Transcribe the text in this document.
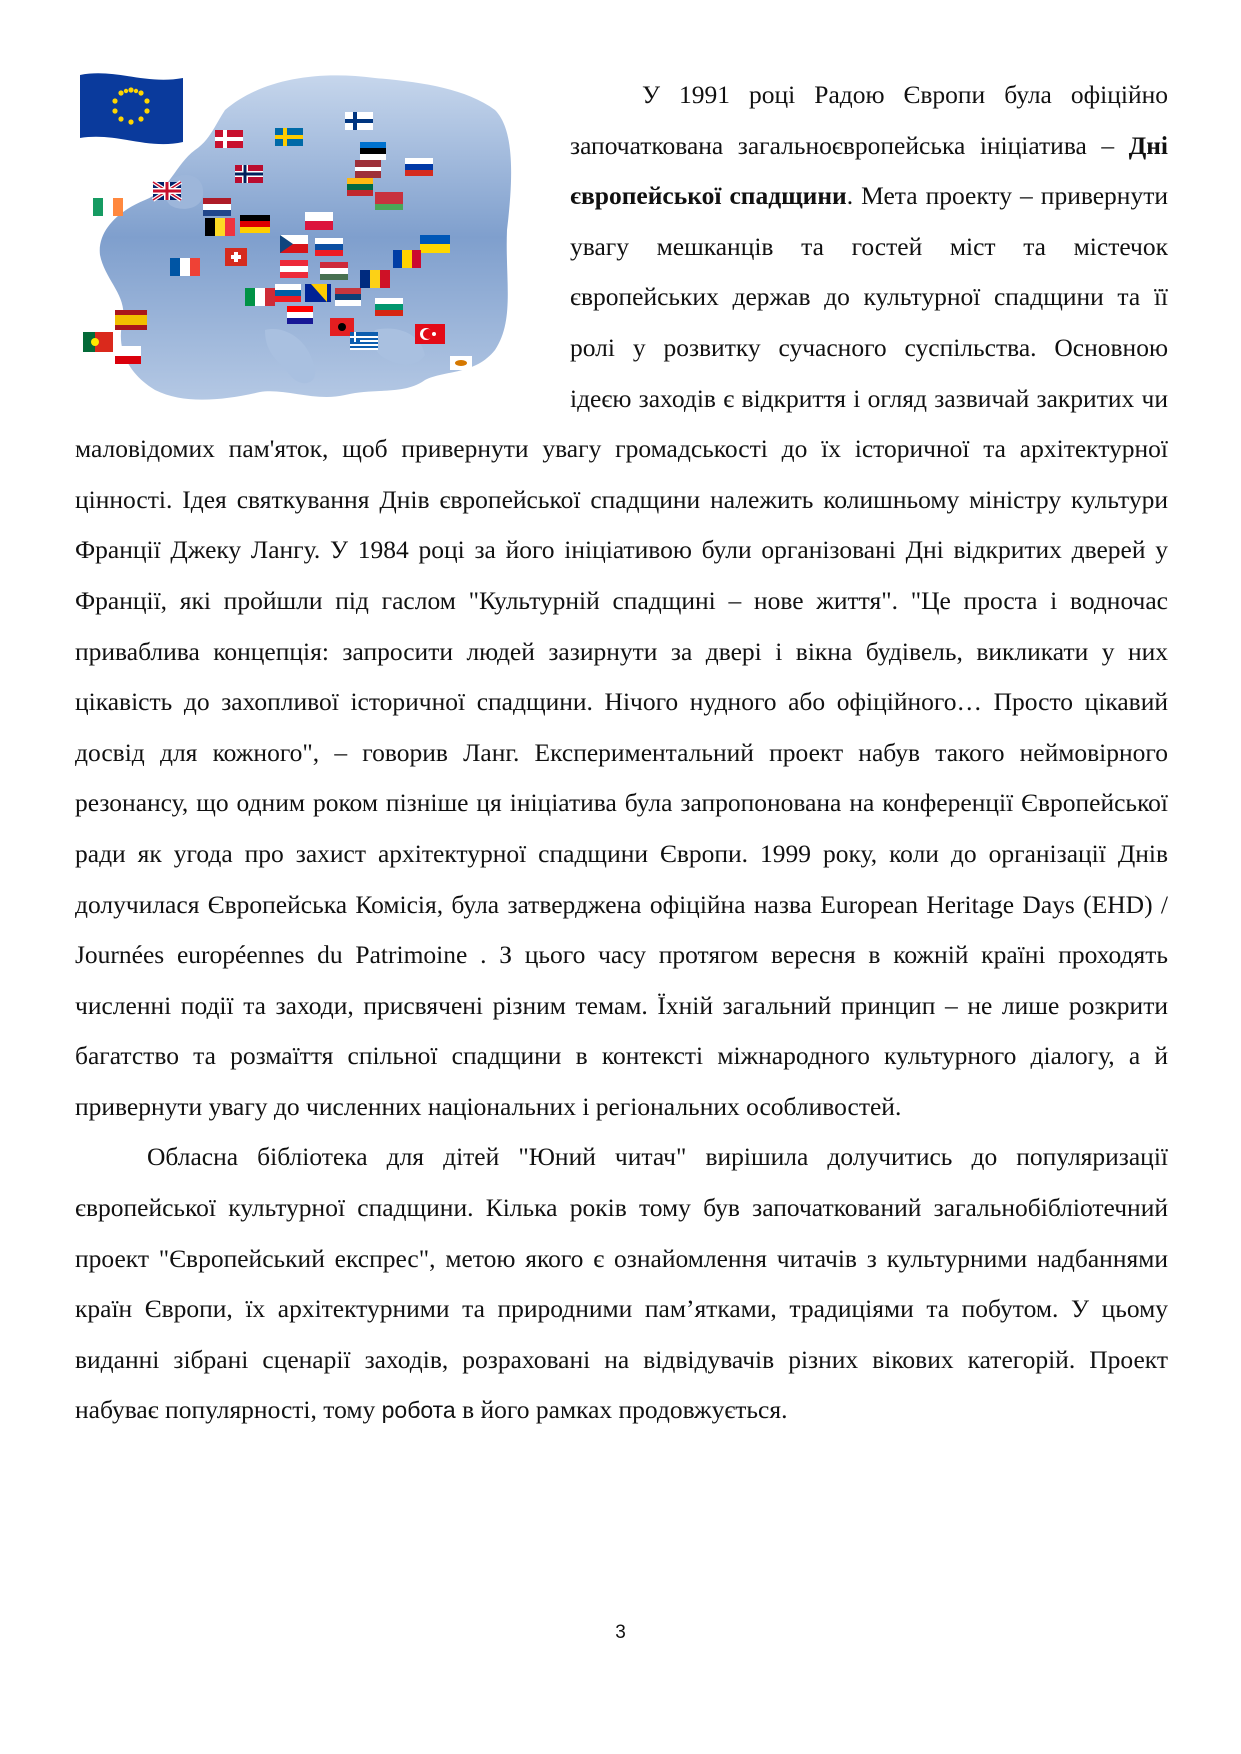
У 1991 році Радою Європи була офіційно започаткована загальноєвропейська ініціатива – Дні європейської спадщини. Мета проекту – привернути увагу мешканців та гостей міст та містечок європейських держав до культурної спадщини та її ролі у розвитку сучасного суспільства. Основною ідеєю заходів є відкриття і огляд зазвичай закритих чи маловідомих пам'яток, щоб привернути увагу громадськості до їх історичної та архітектурної цінності. Ідея святкування Днів європейської спадщини належить колишньому міністру культури Франції Джеку Лангу. У 1984 році за його ініціативою були організовані Дні відкритих дверей у Франції, які пройшли під гаслом "Культурній спадщині – нове життя". "Це проста і водночас приваблива концепція: запросити людей зазирнути за двері і вікна будівель, викликати у них цікавість до захопливої історичної спадщини. Нічого нудного або офіційного… Просто цікавий досвід для кожного", – говорив Ланг. Експериментальний проект набув такого неймовірного резонансу, що одним роком пізніше ця ініціатива була запропонована на конференції Європейської ради як угода про захист архітектурної спадщини Європи. 1999 року, коли до організації Днів долучилася Європейська Комісія, була затверджена офіційна назва European Heritage Days (EHD) / Journées européennes du Patrimoine . З цього часу протягом вересня в кожній країні проходять численні події та заходи, присвячені різним темам. Їхній загальний принцип – не лише розкрити багатство та розмаїття спільної спадщини в контексті міжнародного культурного діалогу, а й привернути увагу до численних національних і регіональних особливостей.

Обласна бібліотека для дітей "Юний читач" вирішила долучитись до популяризації європейської культурної спадщини. Кілька років тому був започаткований загальнобібліотечний проект "Європейський експрес", метою якого є ознайомлення читачів з культурними надбаннями країн Європи, їх архітектурними та природними пам’ятками, традиціями та побутом. У цьому виданні зібрані сценарії заходів, розраховані на відвідувачів різних вікових категорій. Проект набуває популярності, тому робота в його рамках продовжується.

3
